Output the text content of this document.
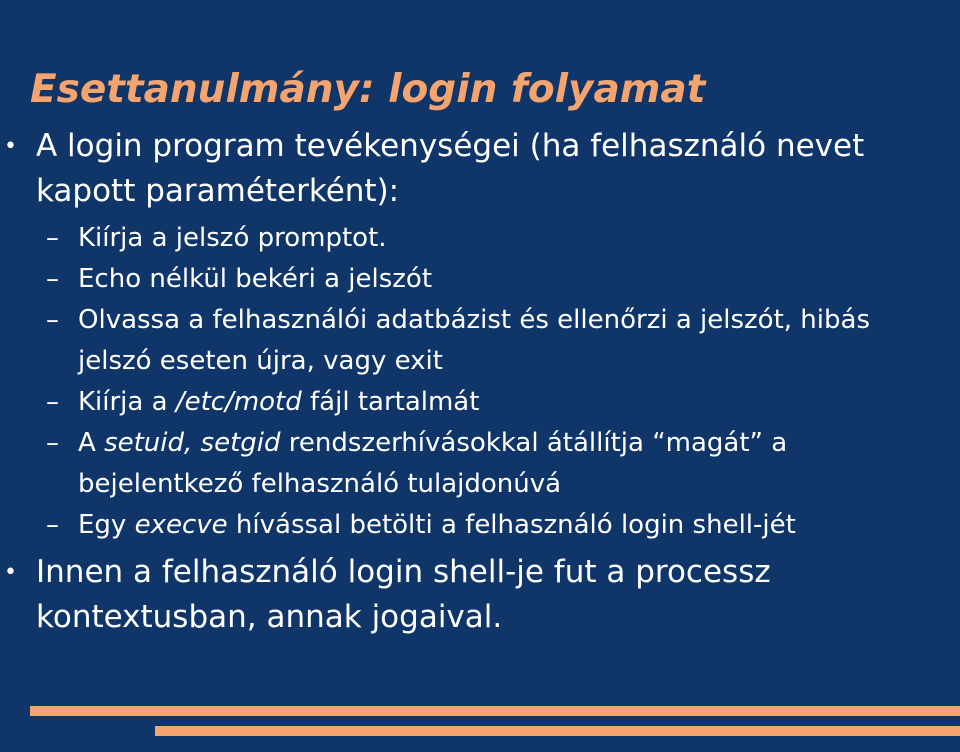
Esettanulmány: login folyamat
• A login program tevékenységei (ha felhasználó nevet kapott paraméterként):
– Kiírja a jelszó promptot.
– Echo nélkül bekéri a jelszót
– Olvassa a felhasználói adatbázist és ellenőrzi a jelszót, hibás jelszó eseten újra, vagy exit
– Kiírja a /etc/motd fájl tartalmát
– A setuid, setgid rendszerhívásokkal átállítja “magát” a bejelentkező felhasználó tulajdonúvá
– Egy execve hívással betölti a felhasználó login shell-jét
• Innen a felhasználó login shell-je fut a processz kontextusban, annak jogaival.
